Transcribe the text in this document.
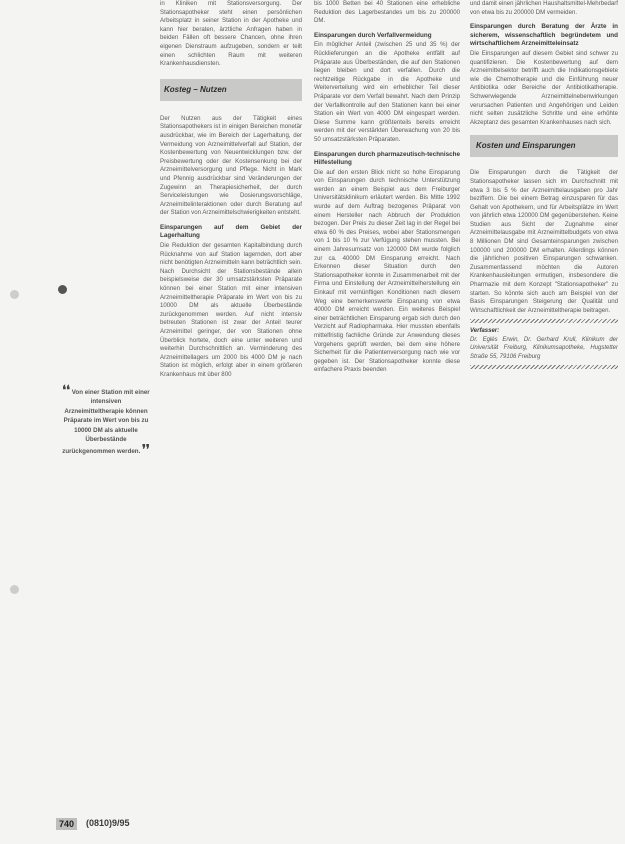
❛❛ Von einer Station mit einer intensiven Arzneimitteltherapie können Präparate im Wert von bis zu 10000 DM als aktuelle Überbestände zurückgenommen werden. ❜❜

in Kliniken mit Stationsversorgung. Der Stationsapotheker steht einen persönlichen Arbeitsplatz in seiner Station in der Apotheke und kann hier beraten, ärztliche Anfragen haben in beiden Fällen oft bessere Chancen, ohne ihren eigenen Dienstraum aufzugeben, sondern er teilt einen schlichten Raum mit weiteren Krankenhausdiensten.

Kosteg – Nutzen

Der Nutzen aus der Tätigkeit eines Stationsapothekers ist in einigen Bereichen monetär ausdrückbar, wie im Bereich der Lagerhaltung, der Vermeidung von Arzneimittelverfall auf Station, der Kostenbewertung von Neuentwicklungen bzw. der Preisbewertung oder der Kostensenkung bei der Arzneimittelversorgung und Pflege. Nicht in Mark und Pfennig ausdrückbar sind Veränderungen der Zugewinn an Therapiesicherheit, der durch Serviceleistungen wie Dosierungsvorschläge, Arzneimittelinteraktionen oder durch Beratung auf der Station von Arzneimittelschwierigkeiten entsteht.

Einsparungen auf dem Gebiet der Lagerhaltung

Die Reduktion der gesamten Kapitalbindung durch Rücknahme von auf Station lagernden, dort aber nicht benötigten Arzneimitteln kann beträchtlich sein. Nach Durchsicht der Stationsbestände allein beispielsweise der 30 umsatzstärksten Präparate können bei einer Station mit einer intensiven Arzneimitteltherapie Präparate im Wert von bis zu 10000 DM als aktuelle Überbestände zurückgenommen werden. Auf nicht intensiv betreuten Stationen ist zwar der Anteil teurer Arzneimittel geringer, der von Stationen ohne Überblick hortete, doch eine unter weiteren und weiterhin Durchschnittlich an. Verminderung des Arzneimittellagers um 2000 bis 4000 DM je nach Station ist möglich, erfolgt aber in einem größeren Krankenhaus mit über 800

bis 1000 Betten bei 40 Stationen eine erhebliche Reduktion des Lagerbestandes um bis zu 200000 DM.

Einsparungen durch Verfallvermeidung

Ein möglicher Anteil (zwischen 25 und 35 %) der Rücklieferungen an die Apotheke entfällt auf Präparate aus Überbeständen, die auf den Stationen liegen bleiben und dort verfallen. Durch die rechtzeitige Rückgabe in die Apotheke und Weiterverteilung wird ein erheblicher Teil dieser Präparate vor dem Verfall bewahrt. Nach dem Prinzip der Verfallkontrolle auf den Stationen kann bei einer Station ein Wert von 4000 DM eingespart werden. Diese Summe kann größtenteils bereits erreicht werden mit der verstärkten Überwachung von 20 bis 50 umsatzstärksten Präparaten.

Einsparungen durch pharmazeutisch-technische Hilfestellung

Die auf den ersten Blick nicht so hohe Einsparung von Einsparungen durch technische Unterstützung werden an einem Beispiel aus dem Freiburger Universitätsklinikum erläutert werden. Bis Mitte 1992 wurde auf dem Auftrag bezogenes Präparat von einem Hersteller nach Abbruch der Produktion bezogen. Der Preis zu dieser Zeit lag in der Regel bei etwa 60 % des Preises, wobei aber Stationsmengen von 1 bis 10 % zur Verfügung stehen mussten. Bei einem Jahresumsatz von 120000 DM wurde folglich zur ca. 40000 DM Einsparung erreicht. Nach Erkennen dieser Situation durch den Stationsapotheker konnte in Zusammenarbeit mit der Firma und Einstellung der Arzneimittelherstellung ein Einkauf mit vernünftigen Konditionen nach diesem Weg eine bemerkenswerte Einsparung von etwa 40000 DM erreicht werden. Ein weiteres Beispiel einer beträchtlichen Einsparung ergab sich durch den Verzicht auf Radiopharmaka. Hier mussten ebenfalls mittelfristig fachliche Gründe zur Anwendung dieses Vorgehens geprüft werden, bei dem eine höhere Sicherheit für die Patientenversorgung nach wie vor gegeben ist. Der Stationsapotheker konnte diese einfachere Praxis beenden

und damit einen jährlichen Haushaltsmittel-Mehrbedarf von etwa bis zu 200000 DM vermeiden.

Einsparungen durch Beratung der Ärzte in sicherem, wissenschaftlich begründetem und wirtschaftlichem Arzneimitteleinsatz

Die Einsparungen auf diesem Gebiet sind schwer zu quantifizieren. Die Kostenbewertung auf dem Arzneimittelsektor betrifft auch die Indikationsgebiete wie die Chemotherapie und die Einführung neuer Antibiotika oder Bereiche der Antibiotikatherapie. Schwerwiegende Arzneimittelnebenwirkungen verursachen Patienten und Angehörigen und Leiden nicht selten zusätzliche Schritte und eine erhöhte Akzeptanz des gesamten Krankenhauses nach sich.

Kosten und Einsparungen

Die Einsparungen durch die Tätigkeit der Stationsapotheker lassen sich im Durchschnitt mit etwa 3 bis 5 % der Arzneimittelausgaben pro Jahr beziffern. Die bei einem Betrag einzusparen für das Gehalt von Apothekern, und für Arbeitsplätze im Wert von jährlich etwa 120000 DM gegenüberstehen. Keine Studien aus Sicht der Zugnahme einer Arzneimittelausgabe mit Arzneimittelbudgets von etwa 8 Millionen DM sind Gesamteinsparungen zwischen 100000 und 200000 DM erhalten. Allerdings können die jährlichen positiven Einsparungen schwanken. Zusammenfassend möchten die Autoren Krankenhausleitungen ermutigen, insbesondere die Pharmazie mit dem Konzept "Stationsapotheker" zu starten. So könnte sich auch am Beispiel von der Basis Einsparungen Steigerung der Qualität und Wirtschaftlichkeit der Arzneimitteltherapie beitragen.

Verfasser:
Dr. Eglés Erwin, Dr. Gerhard Krull, Klinikum der Universität Freiburg, Klinikumsapotheke, Hugstetter Straße 55, 79106 Freiburg
740	(0810)9/95
